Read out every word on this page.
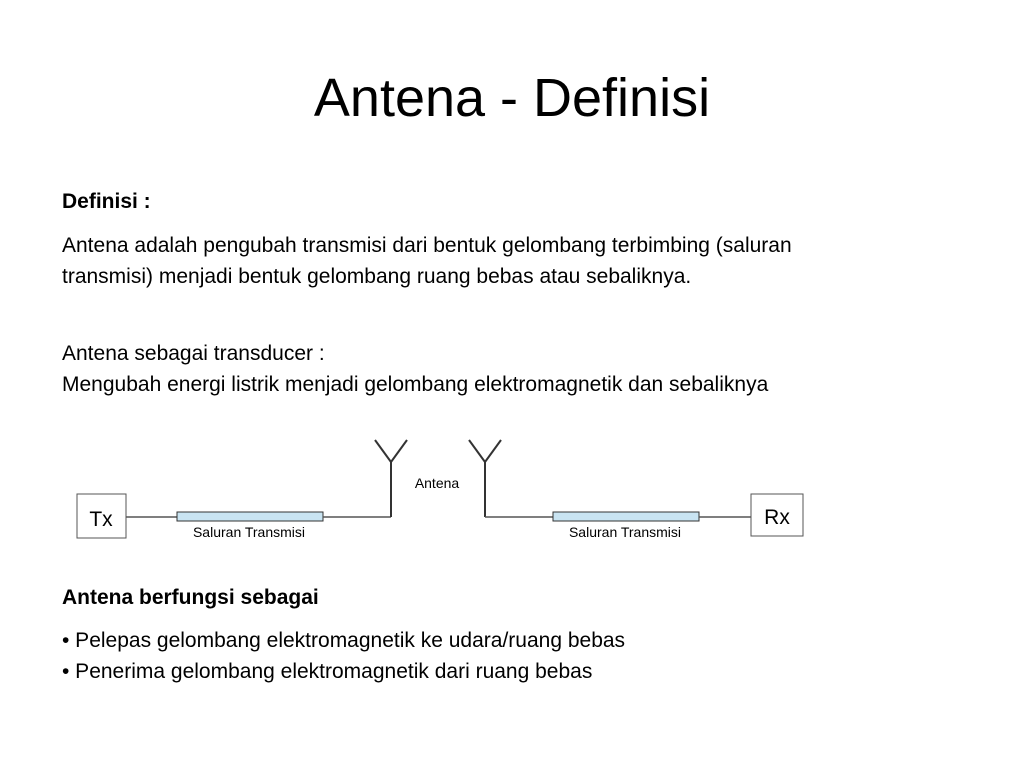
Antena - Definisi
Definisi :
Antena adalah pengubah transmisi dari bentuk gelombang terbimbing (saluran transmisi) menjadi bentuk gelombang ruang bebas atau sebaliknya.
Antena sebagai transducer :
Mengubah energi listrik menjadi gelombang elektromagnetik dan sebaliknya
Tx
Saluran Transmisi
Antena
Saluran Transmisi
Rx
Antena berfungsi sebagai
• Pelepas gelombang elektromagnetik ke udara/ruang bebas
• Penerima gelombang elektromagnetik dari ruang bebas
